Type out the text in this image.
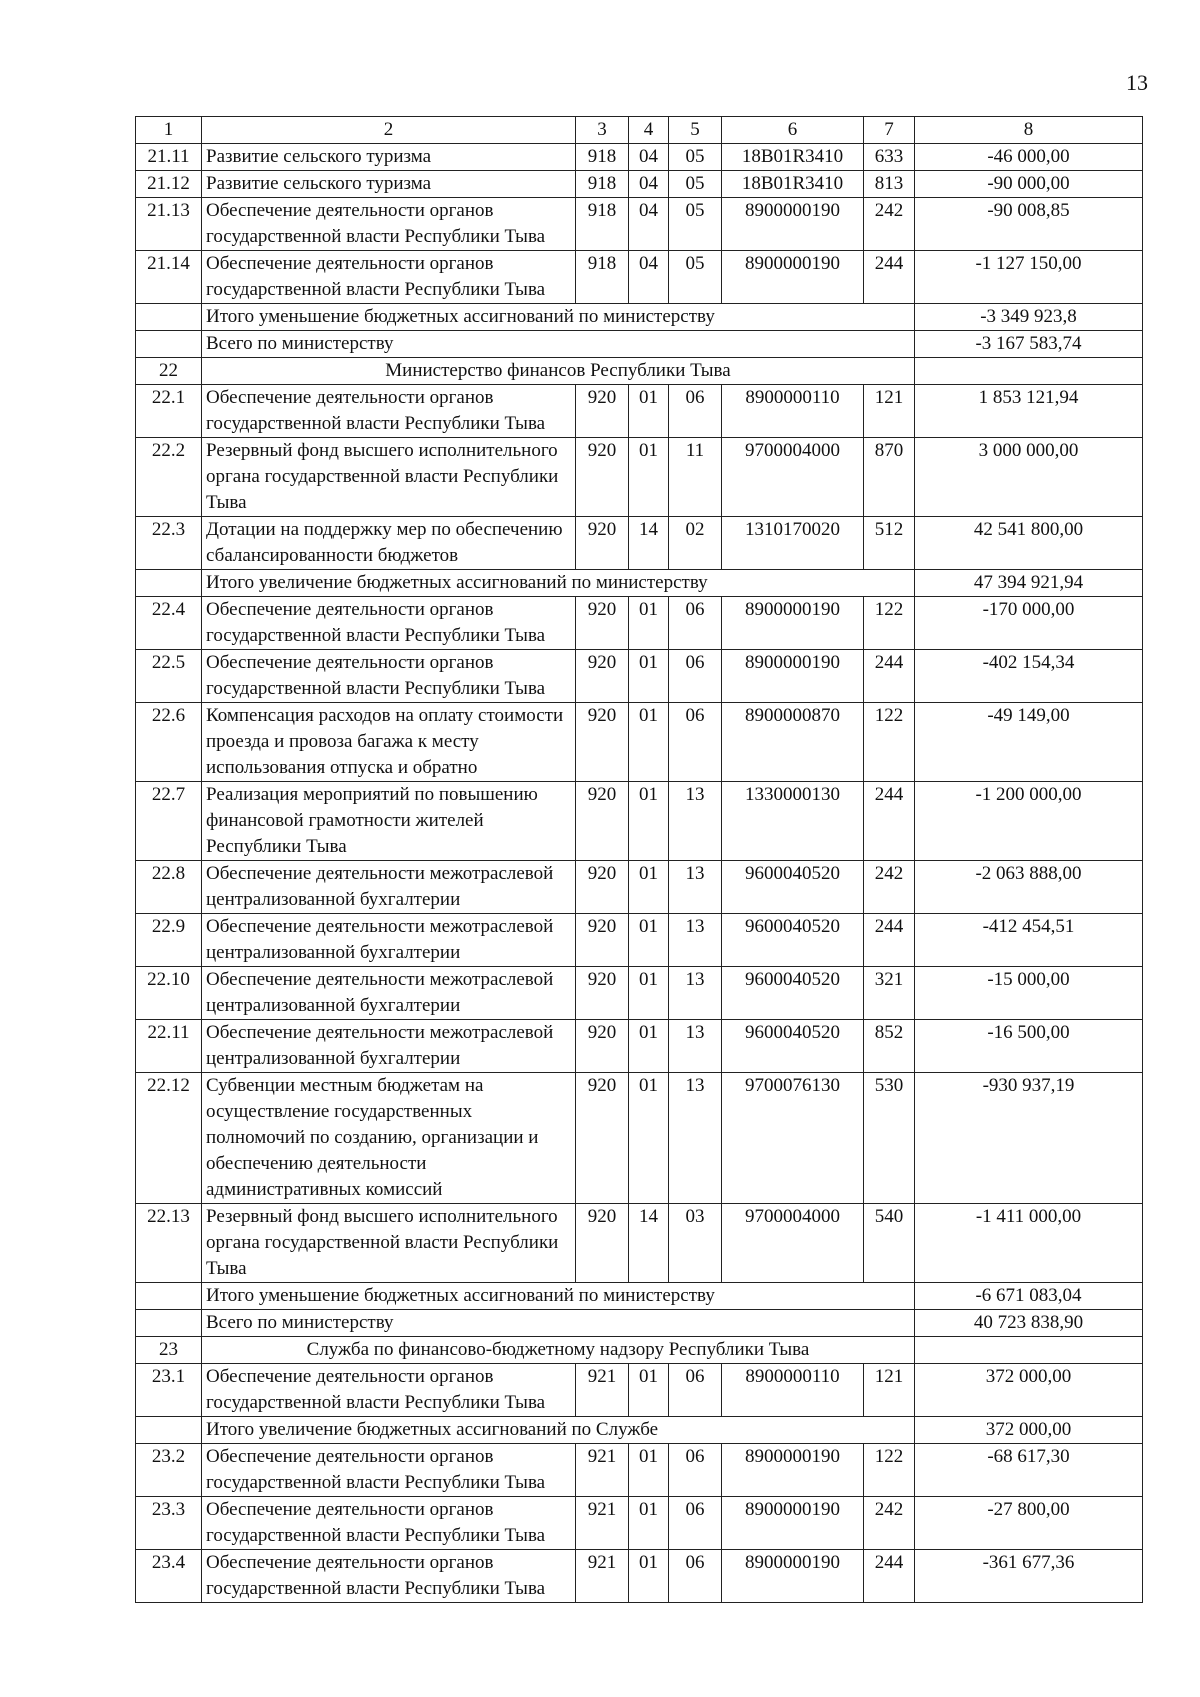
13
1	2	3	4	5	6	7	8
21.11	Развитие сельского туризма	918	04	05	18B01R3410	633	-46 000,00
21.12	Развитие сельского туризма	918	04	05	18B01R3410	813	-90 000,00
21.13	Обеспечение деятельности органов государственной власти Республики Тыва	918	04	05	8900000190	242	-90 008,85
21.14	Обеспечение деятельности органов государственной власти Республики Тыва	918	04	05	8900000190	244	-1 127 150,00
	Итого уменьшение бюджетных ассигнований по министерству						-3 349 923,8
	Всего по министерству						-3 167 583,74
22	Министерство финансов Республики Тыва						
22.1	Обеспечение деятельности органов государственной власти Республики Тыва	920	01	06	8900000110	121	1 853 121,94
22.2	Резервный фонд высшего исполнительного органа государственной власти Республики Тыва	920	01	11	9700004000	870	3 000 000,00
22.3	Дотации на поддержку мер по обеспечению сбалансированности бюджетов	920	14	02	1310170020	512	42 541 800,00
	Итого увеличение бюджетных ассигнований по министерству						47 394 921,94
22.4	Обеспечение деятельности органов государственной власти Республики Тыва	920	01	06	8900000190	122	-170 000,00
22.5	Обеспечение деятельности органов государственной власти Республики Тыва	920	01	06	8900000190	244	-402 154,34
22.6	Компенсация расходов на оплату стоимости проезда и провоза багажа к месту использования отпуска и обратно	920	01	06	8900000870	122	-49 149,00
22.7	Реализация мероприятий по повышению финансовой грамотности жителей Республики Тыва	920	01	13	1330000130	244	-1 200 000,00
22.8	Обеспечение деятельности межотраслевой централизованной бухгалтерии	920	01	13	9600040520	242	-2 063 888,00
22.9	Обеспечение деятельности межотраслевой централизованной бухгалтерии	920	01	13	9600040520	244	-412 454,51
22.10	Обеспечение деятельности межотраслевой централизованной бухгалтерии	920	01	13	9600040520	321	-15 000,00
22.11	Обеспечение деятельности межотраслевой централизованной бухгалтерии	920	01	13	9600040520	852	-16 500,00
22.12	Субвенции местным бюджетам на осуществление государственных полномочий по созданию, организации и обеспечению деятельности административных комиссий	920	01	13	9700076130	530	-930 937,19
22.13	Резервный фонд высшего исполнительного органа государственной власти Республики Тыва	920	14	03	9700004000	540	-1 411 000,00
	Итого уменьшение бюджетных ассигнований по министерству						-6 671 083,04
	Всего по министерству						40 723 838,90
23	Служба по финансово-бюджетному надзору Республики Тыва						
23.1	Обеспечение деятельности органов государственной власти Республики Тыва	921	01	06	8900000110	121	372 000,00
	Итого увеличение бюджетных ассигнований по Службе						372 000,00
23.2	Обеспечение деятельности органов государственной власти Республики Тыва	921	01	06	8900000190	122	-68 617,30
23.3	Обеспечение деятельности органов государственной власти Республики Тыва	921	01	06	8900000190	242	-27 800,00
23.4	Обеспечение деятельности органов государственной власти Республики Тыва	921	01	06	8900000190	244	-361 677,36
